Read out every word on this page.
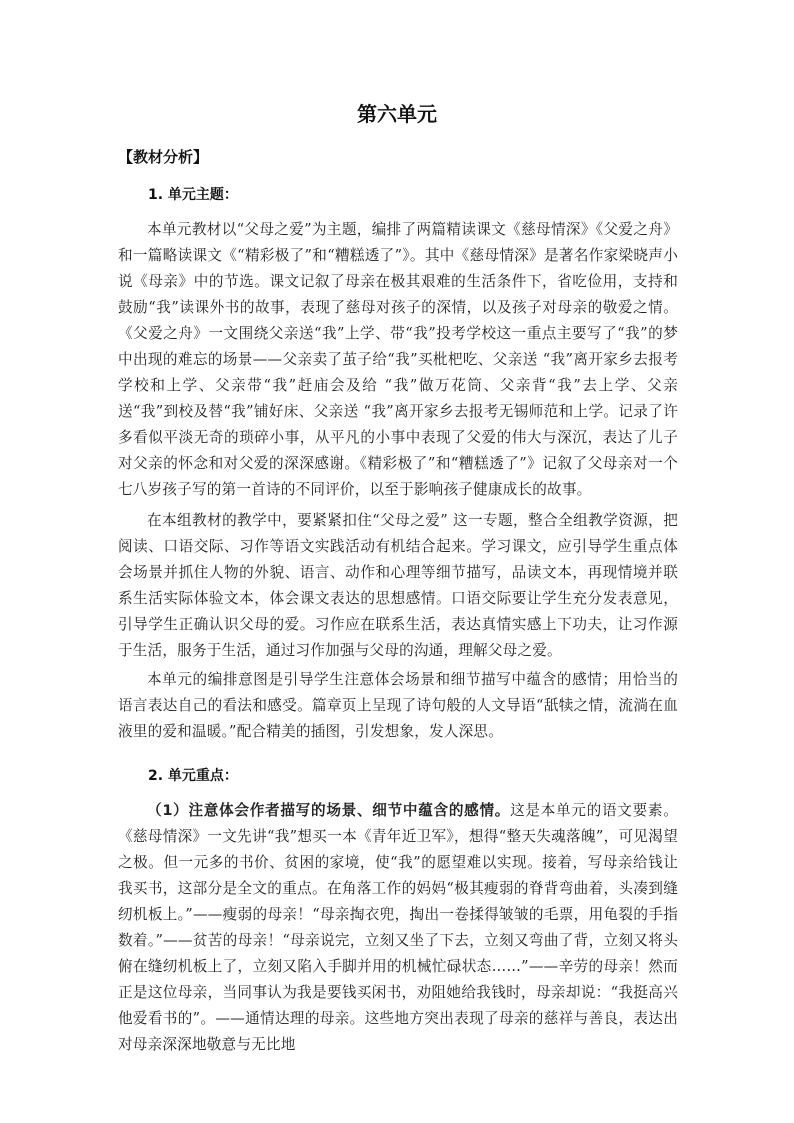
第六单元
【教材分析】
1. 单元主题：
本单元教材以“父母之爱”为主题，编排了两篇精读课文《慈母情深》《父爱之舟》和一篇略读课文《“精彩极了”和“糟糕透了”》。其中《慈母情深》是著名作家梁晓声小说《母亲》中的节选。课文记叙了母亲在极其艰难的生活条件下，省吃俭用，支持和鼓励“我”读课外书的故事，表现了慈母对孩子的深情，以及孩子对母亲的敬爱之情。《父爱之舟》一文围绕父亲送“我”上学、带“我”投考学校这一重点主要写了“我”的梦中出现的难忘的场景——父亲卖了茧子给“我”买枇杷吃、父亲送 “我”离开家乡去报考学校和上学、父亲带“我”赶庙会及给 “我”做万花筒、父亲背“我”去上学、父亲送“我”到校及替“我”铺好床、父亲送 “我”离开家乡去报考无锡师范和上学。记录了许多看似平淡无奇的琐碎小事，从平凡的小事中表现了父爱的伟大与深沉，表达了儿子对父亲的怀念和对父爱的深深感谢。《精彩极了”和“糟糕透了”》记叙了父母亲对一个七八岁孩子写的第一首诗的不同评价，以至于影响孩子健康成长的故事。
在本组教材的教学中，要紧紧扣住“父母之爱” 这一专题，整合全组教学资源，把阅读、口语交际、习作等语文实践活动有机结合起来。学习课文，应引导学生重点体会场景并抓住人物的外貌、语言、动作和心理等细节描写，品读文本，再现情境并联系生活实际体验文本，体会课文表达的思想感情。口语交际要让学生充分发表意见，引导学生正确认识父母的爱。习作应在联系生活，表达真情实感上下功夫，让习作源于生活，服务于生活，通过习作加强与父母的沟通，理解父母之爱。
本单元的编排意图是引导学生注意体会场景和细节描写中蕴含的感情；用恰当的语言表达自己的看法和感受。篇章页上呈现了诗句般的人文导语“舐犊之情，流淌在血液里的爱和温暖。”配合精美的插图，引发想象，发人深思。
2. 单元重点：
（1）注意体会作者描写的场景、细节中蕴含的感情。这是本单元的语文要素。《慈母情深》一文先讲“我”想买一本《青年近卫军》，想得“整天失魂落魄”，可见渴望之极。但一元多的书价、贫困的家境，使“我”的愿望难以实现。接着，写母亲给钱让我买书，这部分是全文的重点。在角落工作的妈妈“极其瘦弱的脊背弯曲着，头凑到缝纫机板上。”——瘦弱的母亲！“母亲掏衣兜，掏出一卷揉得皱皱的毛票，用龟裂的手指数着。”——贫苦的母亲！“母亲说完，立刻又坐了下去，立刻又弯曲了背，立刻又将头俯在缝纫机板上了，立刻又陷入手脚并用的机械忙碌状态……”——辛劳的母亲！然而正是这位母亲，当同事认为我是要钱买闲书，劝阻她给我钱时，母亲却说：“我挺高兴他爱看书的”。——通情达理的母亲。这些地方突出表现了母亲的慈祥与善良，表达出对母亲深深地敬意与无比地
